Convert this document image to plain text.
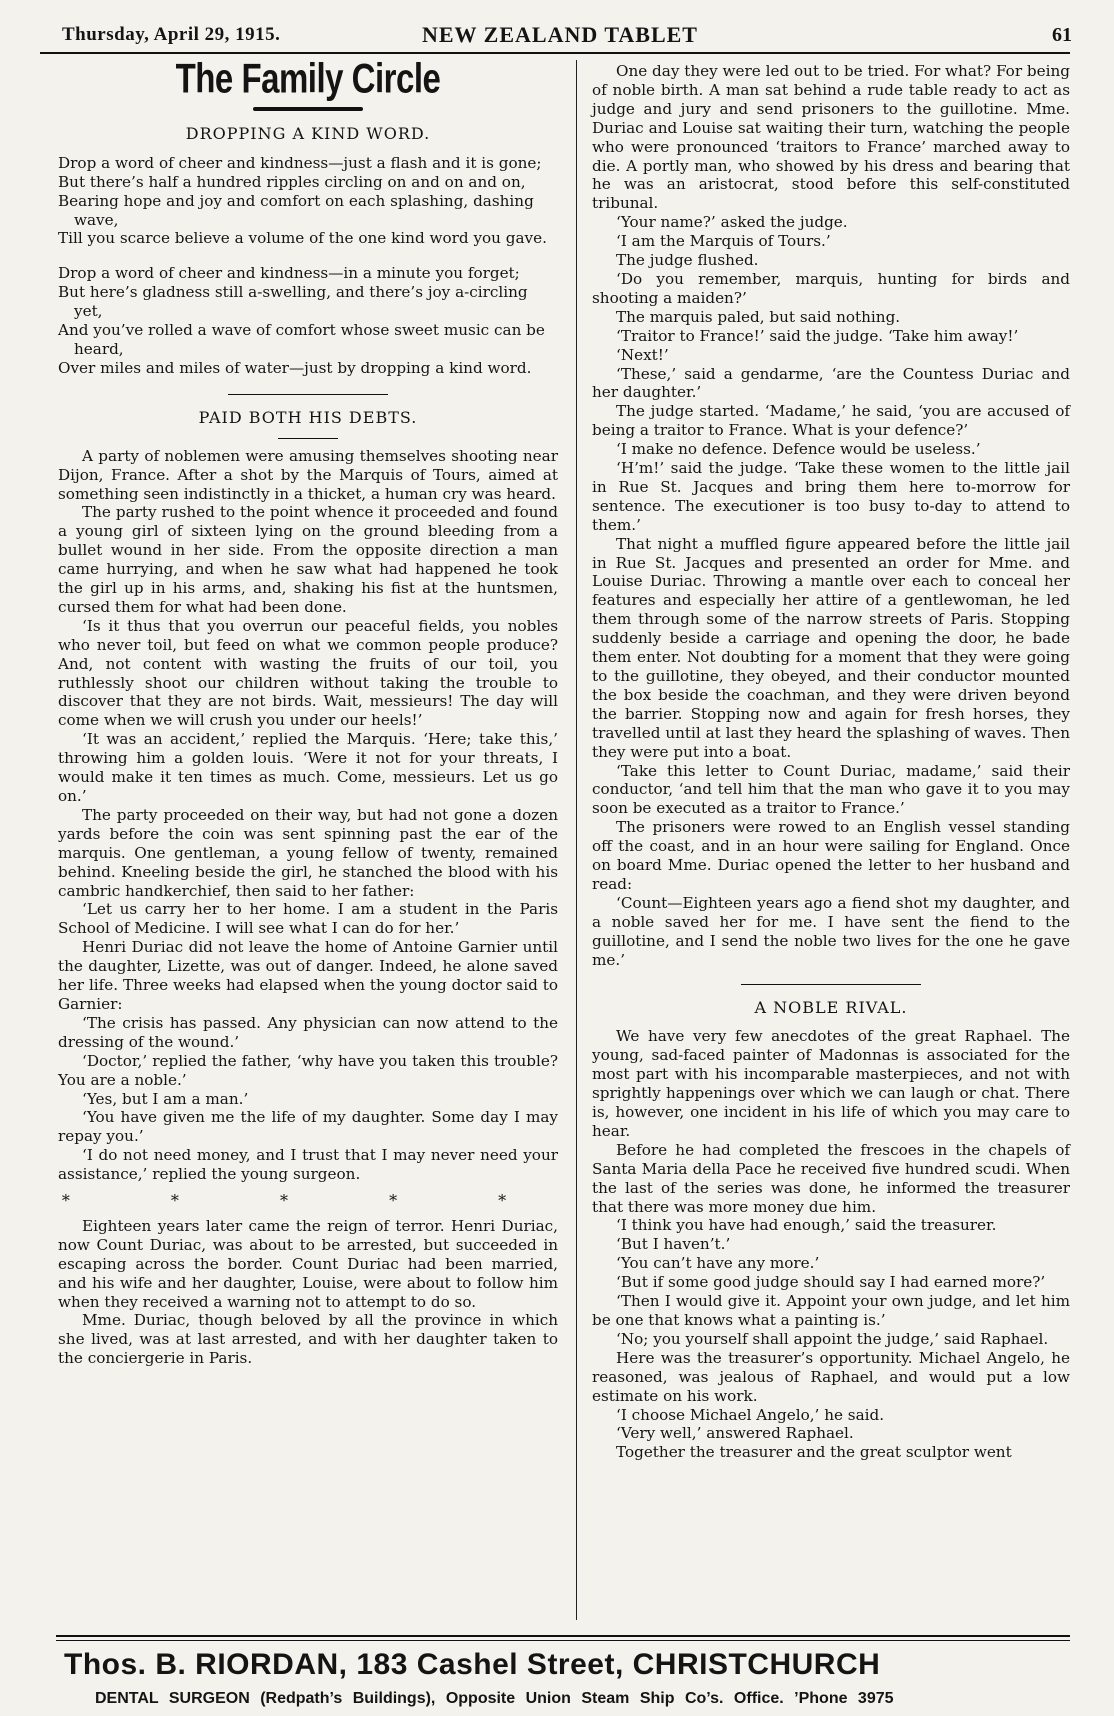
Thursday, April 29, 1915.	NEW ZEALAND TABLET	61
The Family Circle
DROPPING A KIND WORD.

Drop a word of cheer and kindness—just a flash and it is gone;

But there’s half a hundred ripples circling on and on and on,

Bearing hope and joy and comfort on each splashing, dashing wave,

Till you scarce believe a volume of the one kind word you gave.

Drop a word of cheer and kindness—in a minute you forget;

But here’s gladness still a-swelling, and there’s joy a-circling yet,

And you’ve rolled a wave of comfort whose sweet music can be heard,

Over miles and miles of water—just by dropping a kind word.

PAID BOTH HIS DEBTS.

A party of noblemen were amusing themselves shooting near Dijon, France. After a shot by the Marquis of Tours, aimed at something seen indistinctly in a thicket, a human cry was heard.

The party rushed to the point whence it proceeded and found a young girl of sixteen lying on the ground bleeding from a bullet wound in her side. From the opposite direction a man came hurrying, and when he saw what had happened he took the girl up in his arms, and, shaking his fist at the huntsmen, cursed them for what had been done.

‘Is it thus that you overrun our peaceful fields, you nobles who never toil, but feed on what we common people produce? And, not content with wasting the fruits of our toil, you ruthlessly shoot our children without taking the trouble to discover that they are not birds. Wait, messieurs! The day will come when we will crush you under our heels!’

‘It was an accident,’ replied the Marquis. ‘Here; take this,’ throwing him a golden louis. ‘Were it not for your threats, I would make it ten times as much. Come, messieurs. Let us go on.’

The party proceeded on their way, but had not gone a dozen yards before the coin was sent spinning past the ear of the marquis. One gentleman, a young fellow of twenty, remained behind. Kneeling beside the girl, he stanched the blood with his cambric handkerchief, then said to her father:

‘Let us carry her to her home. I am a student in the Paris School of Medicine. I will see what I can do for her.’

Henri Duriac did not leave the home of Antoine Garnier until the daughter, Lizette, was out of danger. Indeed, he alone saved her life. Three weeks had elapsed when the young doctor said to Garnier:

‘The crisis has passed. Any physician can now attend to the dressing of the wound.’

‘Doctor,’ replied the father, ‘why have you taken this trouble? You are a noble.’

‘Yes, but I am a man.’

‘You have given me the life of my daughter. Some day I may repay you.’

‘I do not need money, and I trust that I may never need your assistance,’ replied the young surgeon.

* * * * *

Eighteen years later came the reign of terror. Henri Duriac, now Count Duriac, was about to be arrested, but succeeded in escaping across the border. Count Duriac had been married, and his wife and her daughter, Louise, were about to follow him when they received a warning not to attempt to do so.

Mme. Duriac, though beloved by all the province in which she lived, was at last arrested, and with her daughter taken to the conciergerie in Paris.

One day they were led out to be tried. For what? For being of noble birth. A man sat behind a rude table ready to act as judge and jury and send prisoners to the guillotine. Mme. Duriac and Louise sat waiting their turn, watching the people who were pronounced ‘traitors to France’ marched away to die. A portly man, who showed by his dress and bearing that he was an aristocrat, stood before this self-constituted tribunal.

‘Your name?’ asked the judge.

‘I am the Marquis of Tours.’

The judge flushed.

‘Do you remember, marquis, hunting for birds and shooting a maiden?’

The marquis paled, but said nothing.

‘Traitor to France!’ said the judge. ‘Take him away!’

‘Next!’

‘These,’ said a gendarme, ‘are the Countess Duriac and her daughter.’

The judge started. ‘Madame,’ he said, ‘you are accused of being a traitor to France. What is your defence?’

‘I make no defence. Defence would be useless.’

‘H’m!’ said the judge. ‘Take these women to the little jail in Rue St. Jacques and bring them here to-morrow for sentence. The executioner is too busy to-day to attend to them.’

That night a muffled figure appeared before the little jail in Rue St. Jacques and presented an order for Mme. and Louise Duriac. Throwing a mantle over each to conceal her features and especially her attire of a gentlewoman, he led them through some of the narrow streets of Paris. Stopping suddenly beside a carriage and opening the door, he bade them enter. Not doubting for a moment that they were going to the guillotine, they obeyed, and their conductor mounted the box beside the coachman, and they were driven beyond the barrier. Stopping now and again for fresh horses, they travelled until at last they heard the splashing of waves. Then they were put into a boat.

‘Take this letter to Count Duriac, madame,’ said their conductor, ‘and tell him that the man who gave it to you may soon be executed as a traitor to France.’

The prisoners were rowed to an English vessel standing off the coast, and in an hour were sailing for England. Once on board Mme. Duriac opened the letter to her husband and read:

‘Count—Eighteen years ago a fiend shot my daughter, and a noble saved her for me. I have sent the fiend to the guillotine, and I send the noble two lives for the one he gave me.’

A NOBLE RIVAL.

We have very few anecdotes of the great Raphael. The young, sad-faced painter of Madonnas is associated for the most part with his incomparable masterpieces, and not with sprightly happenings over which we can laugh or chat. There is, however, one incident in his life of which you may care to hear.

Before he had completed the frescoes in the chapels of Santa Maria della Pace he received five hundred scudi. When the last of the series was done, he informed the treasurer that there was more money due him.

‘I think you have had enough,’ said the treasurer.

‘But I haven’t.’

‘You can’t have any more.’

‘But if some good judge should say I had earned more?’

‘Then I would give it. Appoint your own judge, and let him be one that knows what a painting is.’

‘No; you yourself shall appoint the judge,’ said Raphael.

Here was the treasurer’s opportunity. Michael Angelo, he reasoned, was jealous of Raphael, and would put a low estimate on his work.

‘I choose Michael Angelo,’ he said.

‘Very well,’ answered Raphael.

Together the treasurer and the great sculptor went

Thos. B. RIORDAN, 183 Cashel Street, CHRISTCHURCH
DENTAL SURGEON (Redpath’s Buildings), Opposite Union Steam Ship Co’s. Office. ’Phone 3975
